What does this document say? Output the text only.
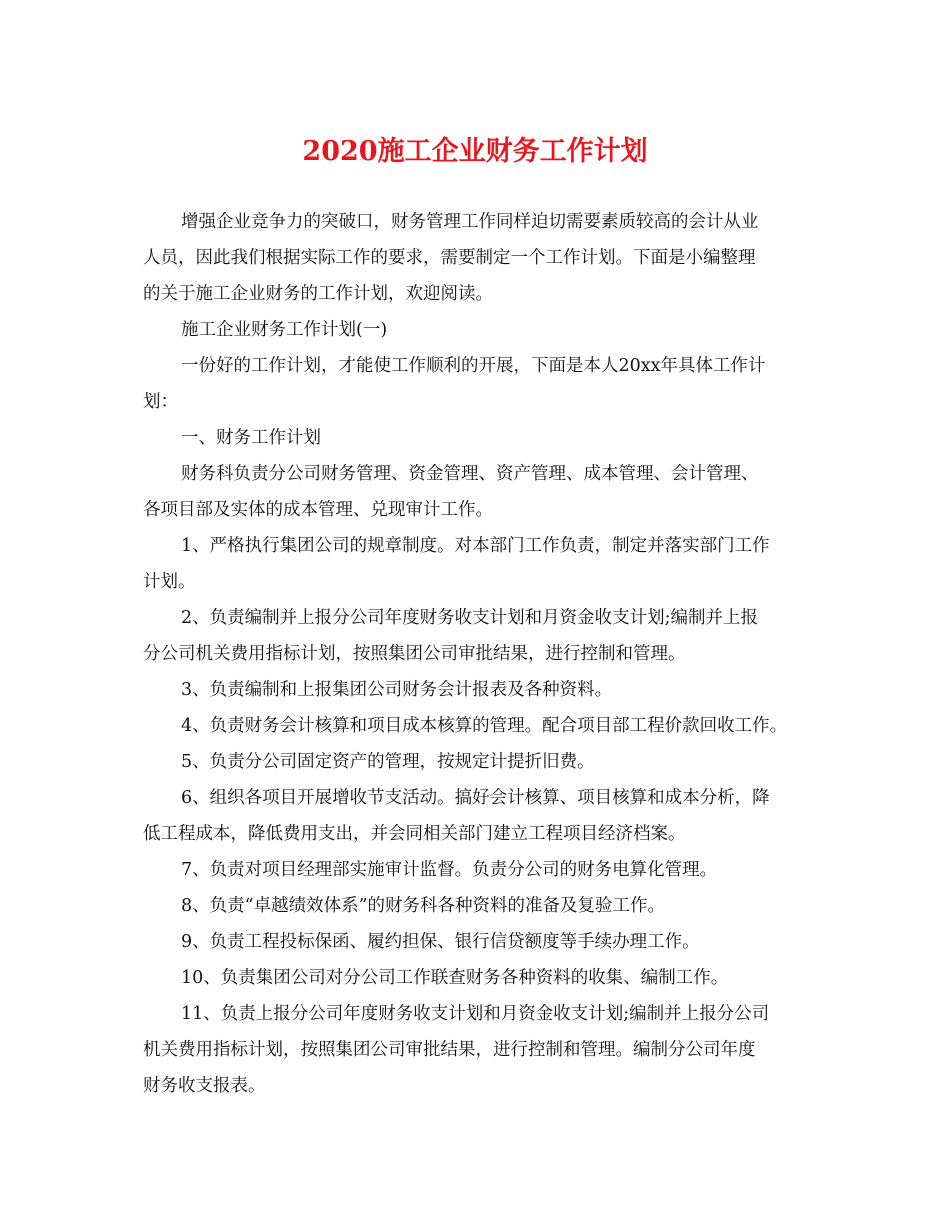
2020施工企业财务工作计划
增强企业竞争力的突破口，财务管理工作同样迫切需要素质较高的会计从业
人员，因此我们根据实际工作的要求，需要制定一个工作计划。下面是小编整理
的关于施工企业财务的工作计划，欢迎阅读。
施工企业财务工作计划(一)
一份好的工作计划，才能使工作顺利的开展，下面是本人20xx年具体工作计
划：
一、财务工作计划
财务科负责分公司财务管理、资金管理、资产管理、成本管理、会计管理、
各项目部及实体的成本管理、兑现审计工作。
1、严格执行集团公司的规章制度。对本部门工作负责，制定并落实部门工作
计划。
2、负责编制并上报分公司年度财务收支计划和月资金收支计划;编制并上报
分公司机关费用指标计划，按照集团公司审批结果，进行控制和管理。
3、负责编制和上报集团公司财务会计报表及各种资料。
4、负责财务会计核算和项目成本核算的管理。配合项目部工程价款回收工作。
5、负责分公司固定资产的管理，按规定计提折旧费。
6、组织各项目开展增收节支活动。搞好会计核算、项目核算和成本分析，降
低工程成本，降低费用支出，并会同相关部门建立工程项目经济档案。
7、负责对项目经理部实施审计监督。负责分公司的财务电算化管理。
8、负责“卓越绩效体系”的财务科各种资料的准备及复验工作。
9、负责工程投标保函、履约担保、银行信贷额度等手续办理工作。
10、负责集团公司对分公司工作联查财务各种资料的收集、编制工作。
11、负责上报分公司年度财务收支计划和月资金收支计划;编制并上报分公司
机关费用指标计划，按照集团公司审批结果，进行控制和管理。编制分公司年度
财务收支报表。
